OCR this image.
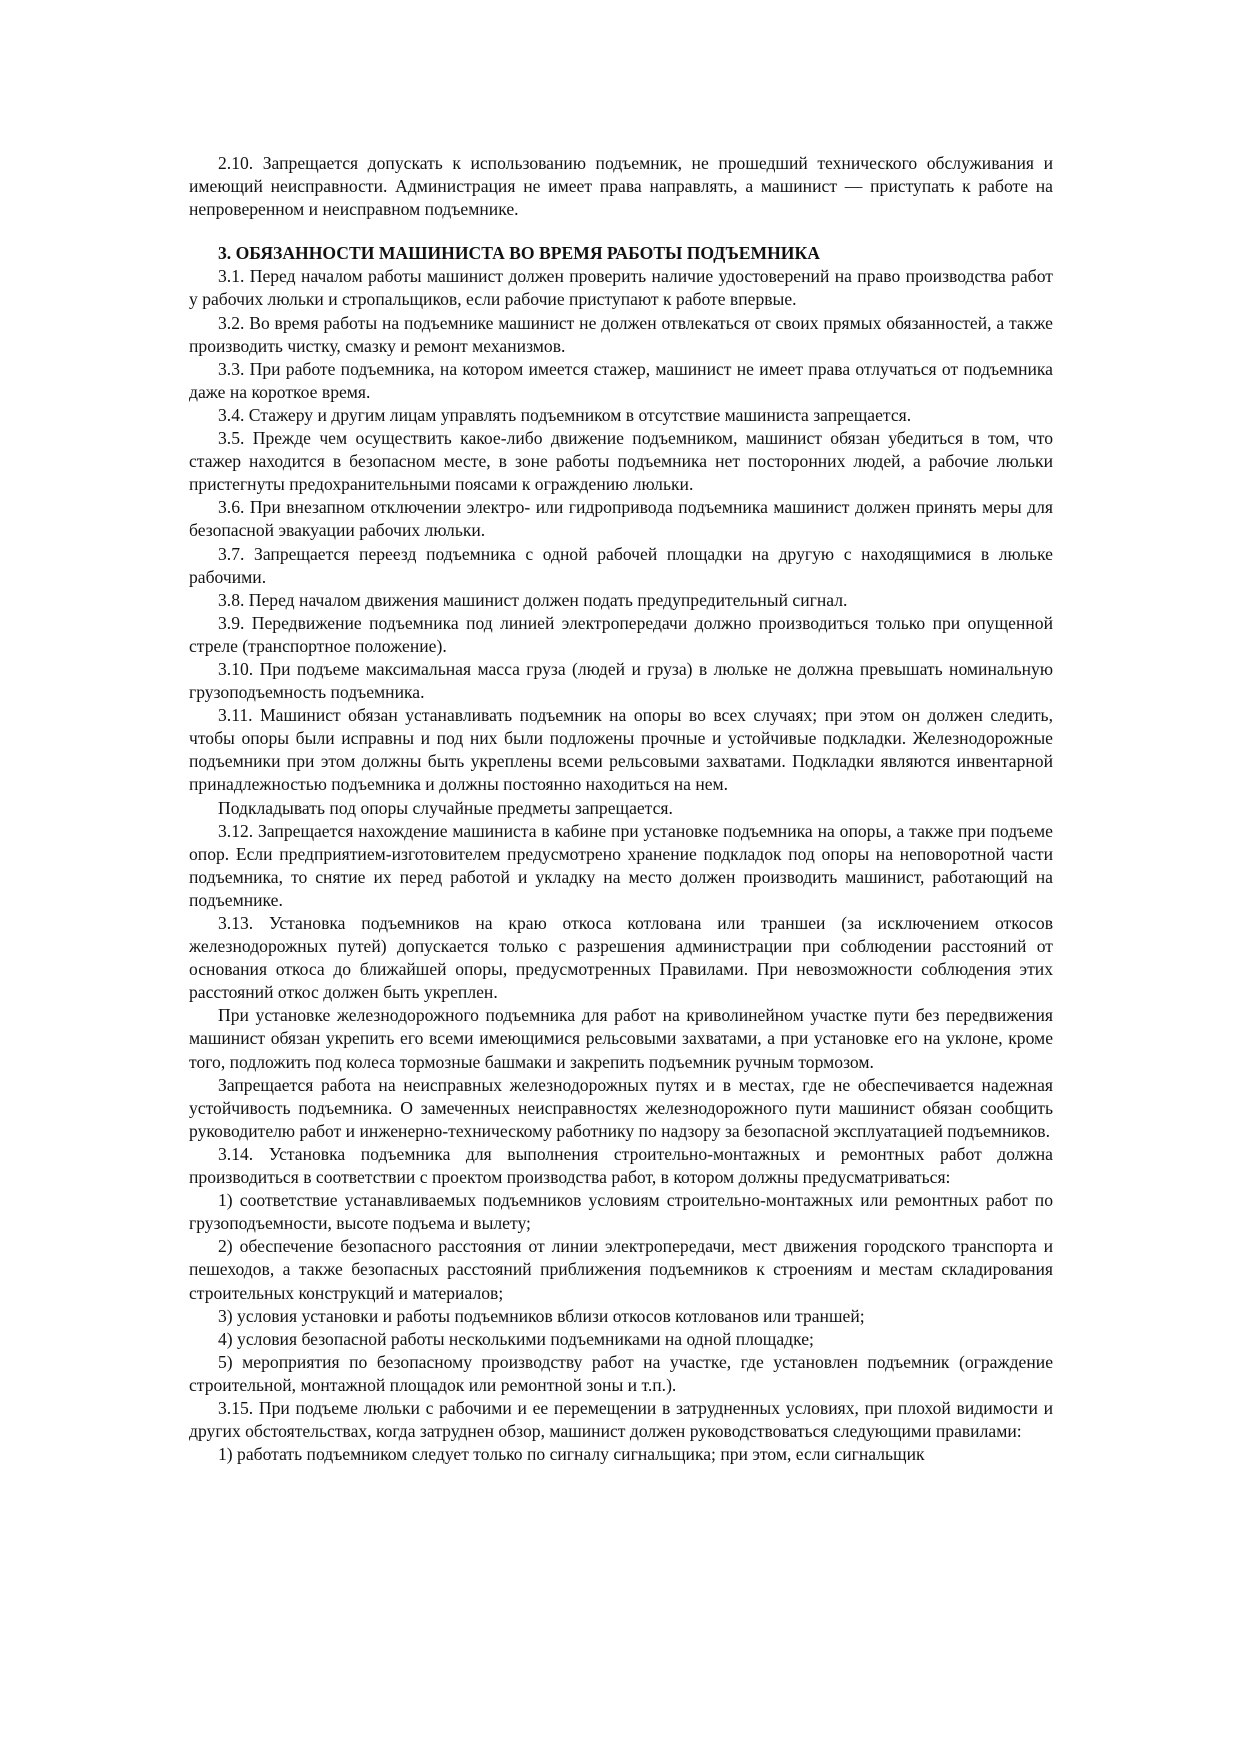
2.10. Запрещается допускать к использованию подъемник, не прошедший технического обслуживания и имеющий неисправности. Администрация не имеет права направлять, а машинист — приступать к работе на непроверенном и неисправном подъемнике.

3. ОБЯЗАННОСТИ МАШИНИСТА ВО ВРЕМЯ РАБОТЫ ПОДЪЕМНИКА

3.1. Перед началом работы машинист должен проверить наличие удостоверений на право производства работ у рабочих люльки и стропальщиков, если рабочие приступают к работе впервые.

3.2. Во время работы на подъемнике машинист не должен отвлекаться от своих прямых обязанностей, а также производить чистку, смазку и ремонт механизмов.

3.3. При работе подъемника, на котором имеется стажер, машинист не имеет права отлучаться от подъемника даже на короткое время.

3.4. Стажеру и другим лицам управлять подъемником в отсутствие машиниста запрещается.

3.5. Прежде чем осуществить какое-либо движение подъемником, машинист обязан убедиться в том, что стажер находится в безопасном месте, в зоне работы подъемника нет посторонних людей, а рабочие люльки пристегнуты предохранительными поясами к ограждению люльки.

3.6. При внезапном отключении электро- или гидропривода подъемника машинист должен принять меры для безопасной эвакуации рабочих люльки.

3.7. Запрещается переезд подъемника с одной рабочей площадки на другую с находящимися в люльке рабочими.

3.8. Перед началом движения машинист должен подать предупредительный сигнал.

3.9. Передвижение подъемника под линией электропередачи должно производиться только при опущенной стреле (транспортное положение).

3.10. При подъеме максимальная масса груза (людей и груза) в люльке не должна превышать номинальную грузоподъемность подъемника.

3.11. Машинист обязан устанавливать подъемник на опоры во всех случаях; при этом он должен следить, чтобы опоры были исправны и под них были подложены прочные и устойчивые подкладки. Железнодорожные подъемники при этом должны быть укреплены всеми рельсовыми захватами. Подкладки являются инвентарной принадлежностью подъемника и должны постоянно находиться на нем.

Подкладывать под опоры случайные предметы запрещается.

3.12. Запрещается нахождение машиниста в кабине при установке подъемника на опоры, а также при подъеме опор. Если предприятием-изготовителем предусмотрено хранение подкладок под опоры на неповоротной части подъемника, то снятие их перед работой и укладку на место должен производить машинист, работающий на подъемнике.

3.13. Установка подъемников на краю откоса котлована или траншеи (за исключением откосов железнодорожных путей) допускается только с разрешения администрации при соблюдении расстояний от основания откоса до ближайшей опоры, предусмотренных Правилами. При невозможности соблюдения этих расстояний откос должен быть укреплен.

При установке железнодорожного подъемника для работ на криволинейном участке пути без передвижения машинист обязан укрепить его всеми имеющимися рельсовыми захватами, а при установке его на уклоне, кроме того, подложить под колеса тормозные башмаки и закрепить подъемник ручным тормозом.

Запрещается работа на неисправных железнодорожных путях и в местах, где не обеспечивается надежная устойчивость подъемника. О замеченных неисправностях железнодорожного пути машинист обязан сообщить руководителю работ и инженерно-техническому работнику по надзору за безопасной эксплуатацией подъемников.

3.14. Установка подъемника для выполнения строительно-монтажных и ремонтных работ должна производиться в соответствии с проектом производства работ, в котором должны предусматриваться:

1) соответствие устанавливаемых подъемников условиям строительно-монтажных или ремонтных работ по грузоподъемности, высоте подъема и вылету;

2) обеспечение безопасного расстояния от линии электропередачи, мест движения городского транспорта и пешеходов, а также безопасных расстояний приближения подъемников к строениям и местам складирования строительных конструкций и материалов;

3) условия установки и работы подъемников вблизи откосов котлованов или траншей;

4) условия безопасной работы несколькими подъемниками на одной площадке;

5) мероприятия по безопасному производству работ на участке, где установлен подъемник (ограждение строительной, монтажной площадок или ремонтной зоны и т.п.).

3.15. При подъеме люльки с рабочими и ее перемещении в затрудненных условиях, при плохой видимости и других обстоятельствах, когда затруднен обзор, машинист должен руководствоваться следующими правилами:

1) работать подъемником следует только по сигналу сигнальщика; при этом, если сигнальщик
